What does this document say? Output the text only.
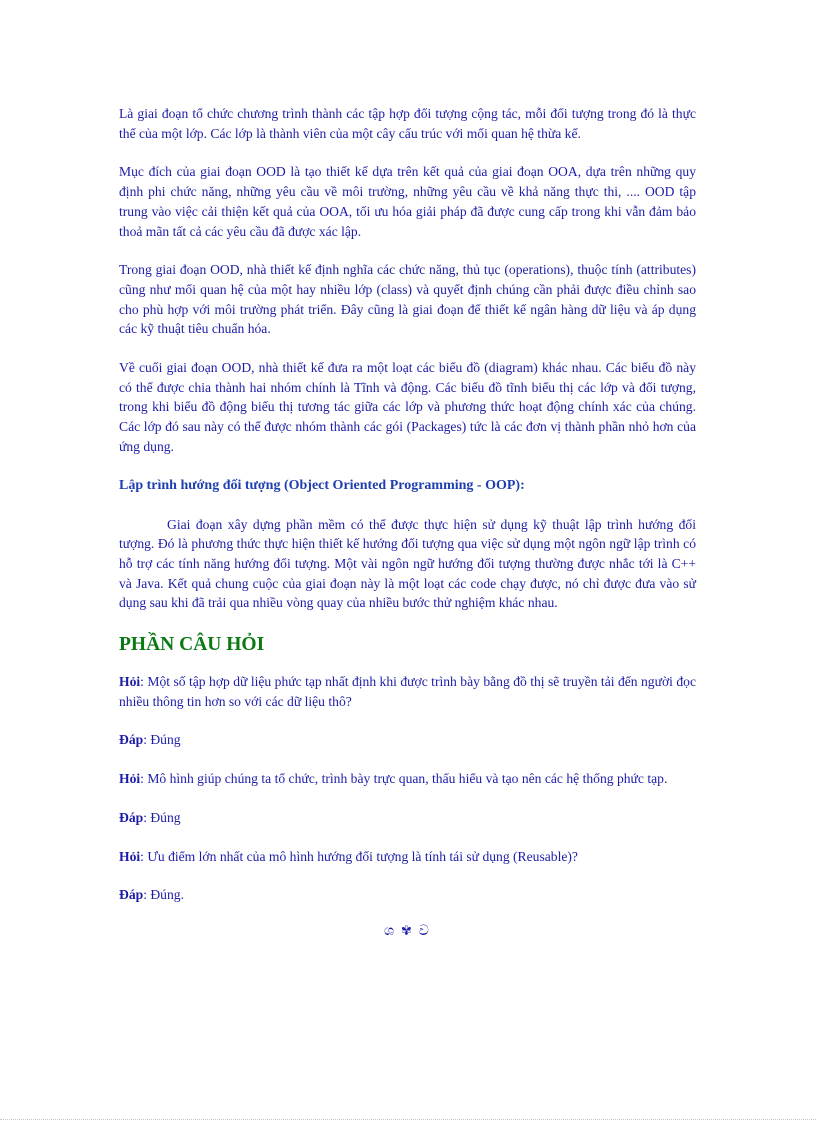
Là giai đoạn tổ chức chương trình thành các tập hợp đối tượng cộng tác, mỗi đối tượng trong đó là thực thể của một lớp. Các lớp là thành viên của một cây cấu trúc với mối quan hệ thừa kế.

Mục đích của giai đoạn OOD là tạo thiết kế dựa trên kết quả của giai đoạn OOA, dựa trên những quy định phi chức năng, những yêu cầu về môi trường, những yêu cầu về khả năng thực thi, .... OOD tập trung vào việc cải thiện kết quả của OOA, tối ưu hóa giải pháp đã được cung cấp trong khi vẫn đảm bảo thoả mãn tất cả các yêu cầu đã được xác lập.

Trong giai đoạn OOD, nhà thiết kế định nghĩa các chức năng, thủ tục (operations), thuộc tính (attributes) cũng như mối quan hệ của một hay nhiều lớp (class) và quyết định chúng cần phải được điều chỉnh sao cho phù hợp với môi trường phát triển. Đây cũng là giai đoạn để thiết kế ngân hàng dữ liệu và áp dụng các kỹ thuật tiêu chuẩn hóa.

Về cuối giai đoạn OOD, nhà thiết kế đưa ra một loạt các biểu đồ (diagram) khác nhau. Các biểu đồ này có thể được chia thành hai nhóm chính là Tĩnh và động. Các biểu đồ tĩnh biểu thị các lớp và đối tượng, trong khi biểu đồ động biểu thị tương tác giữa các lớp và phương thức hoạt động chính xác của chúng. Các lớp đó sau này có thể được nhóm thành các gói (Packages) tức là các đơn vị thành phần nhỏ hơn của ứng dụng.

Lập trình hướng đối tượng (Object Oriented Programming - OOP):

Giai đoạn xây dựng phần mềm có thể được thực hiện sử dụng kỹ thuật lập trình hướng đối tượng. Đó là phương thức thực hiện thiết kế hướng đối tượng qua việc sử dụng một ngôn ngữ lập trình có hỗ trợ các tính năng hướng đối tượng. Một vài ngôn ngữ hướng đối tượng thường được nhắc tới là C++ và Java. Kết quả chung cuộc của giai đoạn này là một loạt các code chạy được, nó chỉ được đưa vào sử dụng sau khi đã trải qua nhiều vòng quay của nhiều bước thử nghiệm khác nhau.

PHẦN CÂU HỎI

Hỏi: Một số tập hợp dữ liệu phức tạp nhất định khi được trình bày bằng đồ thị sẽ truyền tải đến người đọc nhiều thông tin hơn so với các dữ liệu thô?

Đáp: Đúng

Hỏi: Mô hình giúp chúng ta tổ chức, trình bày trực quan, thấu hiểu và tạo nên các hệ thống phức tạp.

Đáp: Đúng

Hỏi: Ưu điểm lớn nhất của mô hình hướng đối tượng là tính tái sử dụng (Reusable)?

Đáp: Đúng.

ශ ✾ ව
